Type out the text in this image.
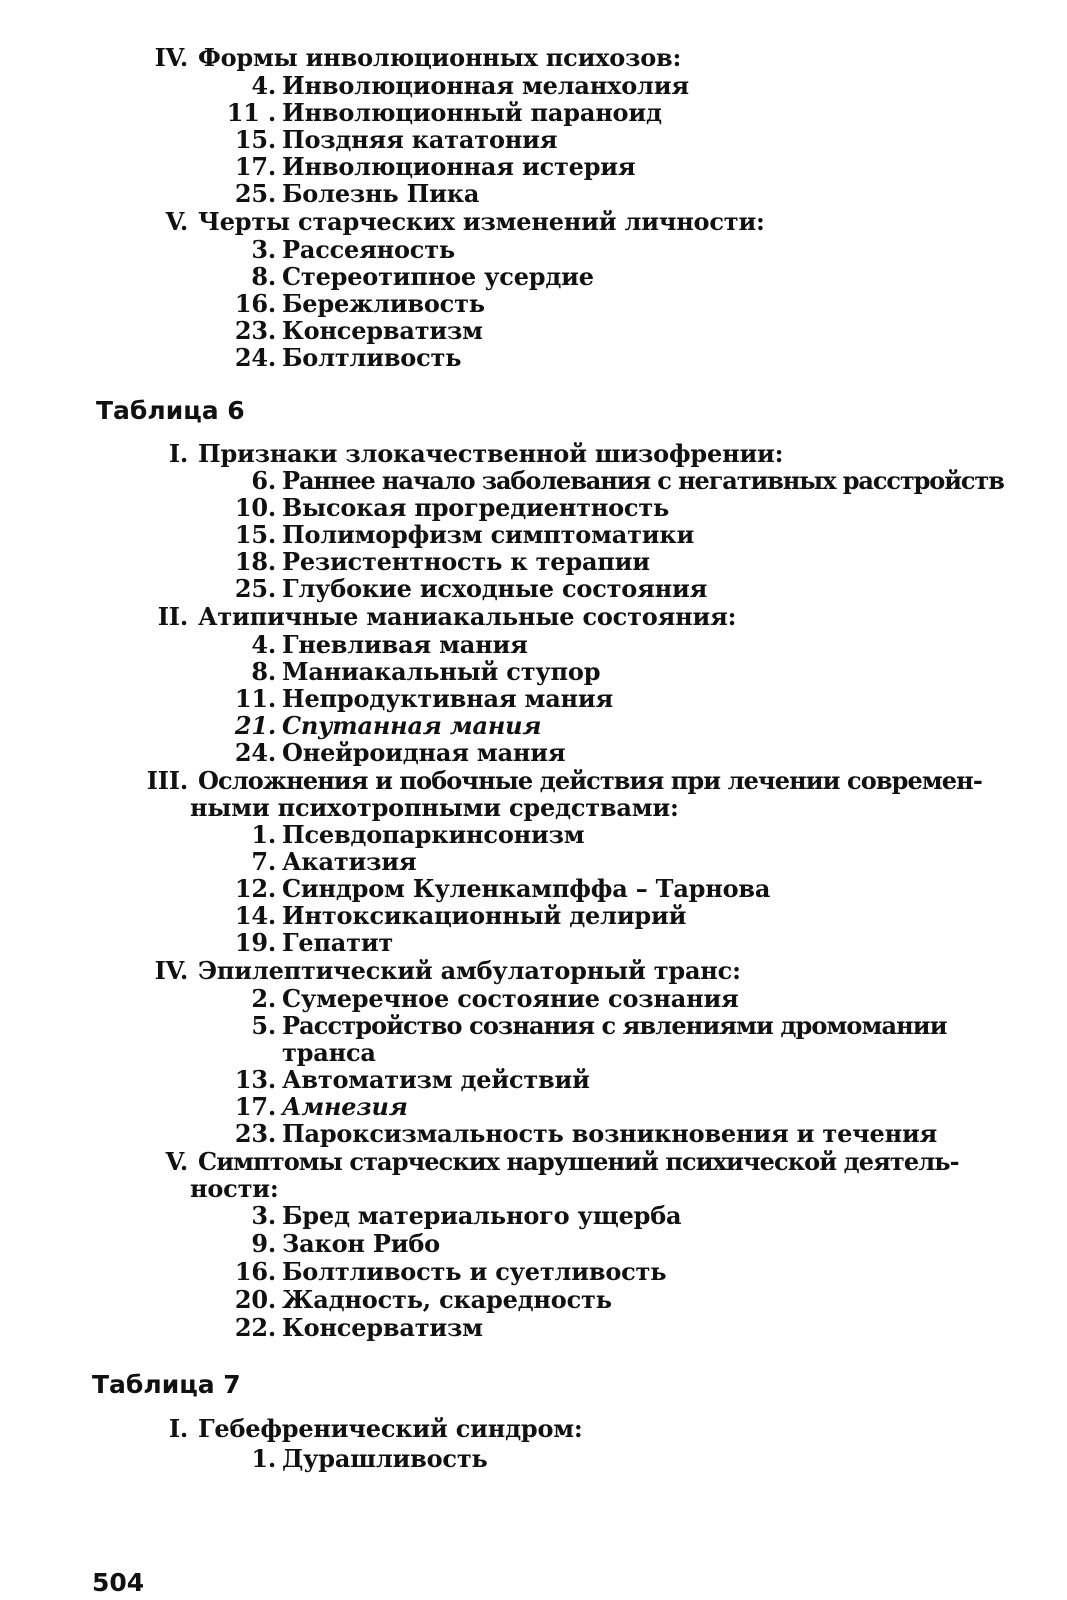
IV. Формы инволюционных психозов:
4. Инволюционная меланхолия
11 . Инволюционный параноид
15. Поздняя кататония
17. Инволюционная истерия
25. Болезнь Пика
V. Черты старческих изменений личности:
3. Рассеяность
8. Стереотипное усердие
16. Бережливость
23. Консерватизм
24. Болтливость
Таблица 6
I. Признаки злокачественной шизофрении:
6. Раннее начало заболевания с негативных расстройств
10. Высокая прогредиентность
15. Полиморфизм симптоматики
18. Резистентность к терапии
25. Глубокие исходные состояния
II. Атипичные маниакальные состояния:
4. Гневливая мания
8. Маниакальный ступор
11. Непродуктивная мания
21. Спутанная мания
24. Онейроидная мания
III. Осложнения и побочные действия при лечении современ-
ными психотропными средствами:
1. Псевдопаркинсонизм
7. Акатизия
12. Синдром Куленкампффа – Тарнова
14. Интоксикационный делирий
19. Гепатит
IV. Эпилептический амбулаторный транс:
2. Сумеречное состояние сознания
5. Расстройство сознания с явлениями дромомании
транса
13. Автоматизм действий
17. Амнезия
23. Пароксизмальность возникновения и течения
V. Симптомы старческих нарушений психической деятель-
ности:
3. Бред материального ущерба
9. Закон Рибо
16. Болтливость и суетливость
20. Жадность, скаредность
22. Консерватизм
Таблица 7
I. Гебефренический синдром:
1. Дурашливость
504
